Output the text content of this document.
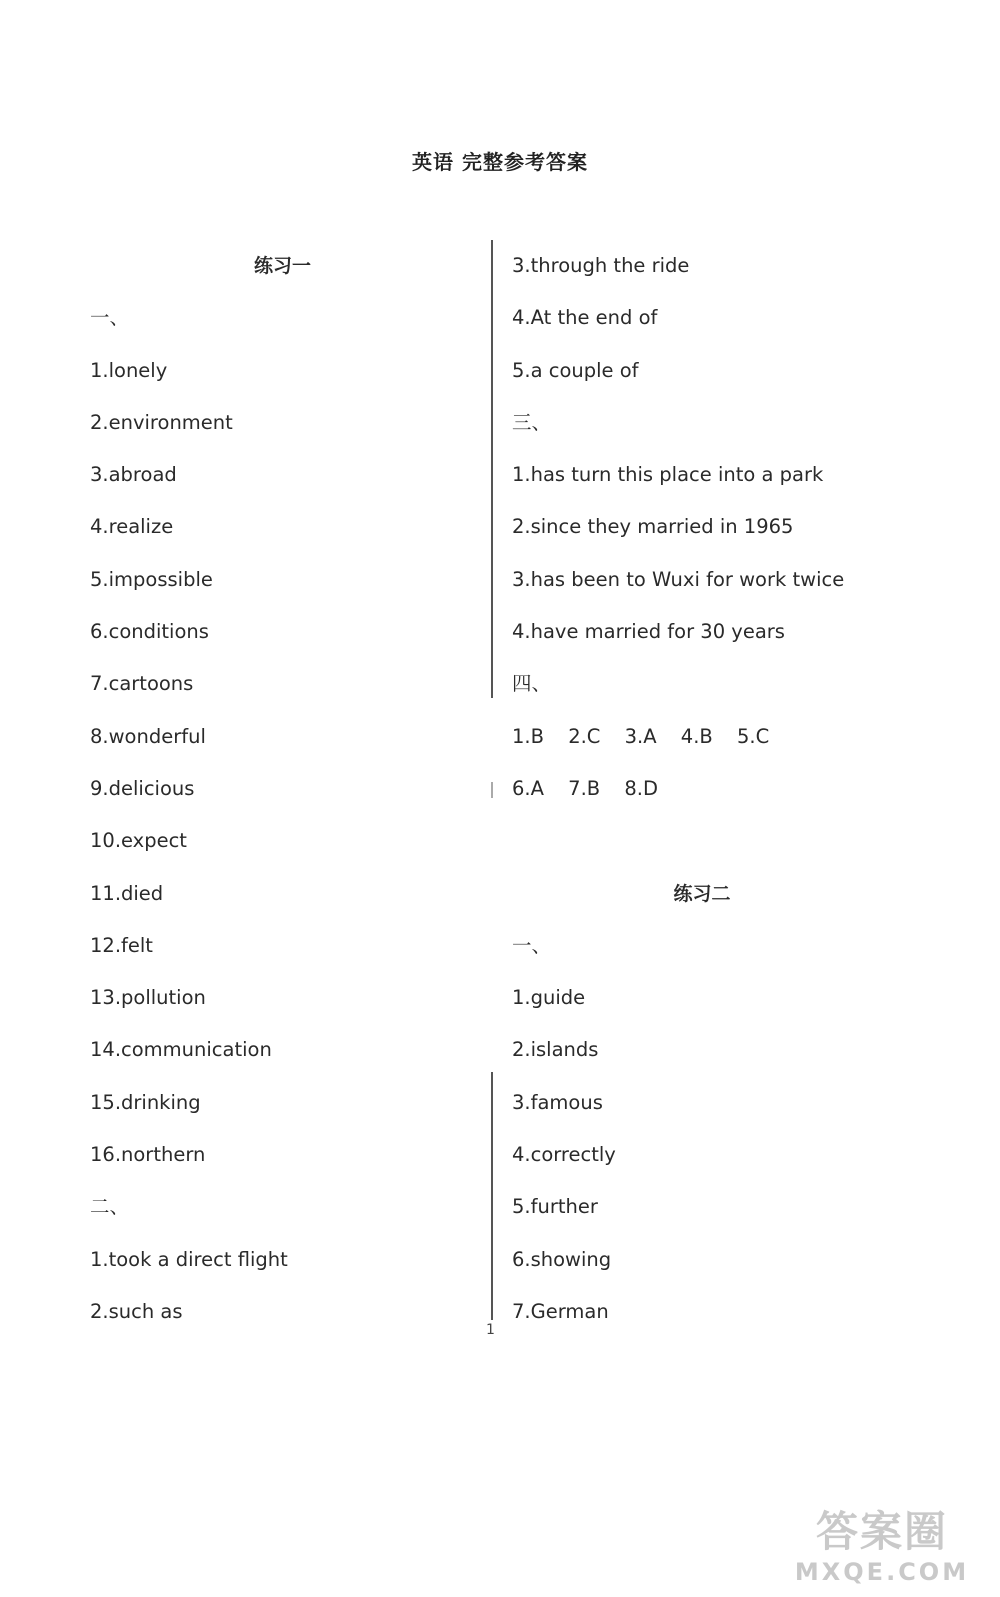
英语 完整参考答案
练习一
一、
1.lonely
2.environment
3.abroad
4.realize
5.impossible
6.conditions
7.cartoons
8.wonderful
9.delicious
10.expect
11.died
12.felt
13.pollution
14.communication
15.drinking
16.northern
二、
1.took a direct flight
2.such as
3.through the ride
4.At the end of
5.a couple of
三、
1.has turn this place into a park
2.since they married in 1965
3.has been to Wuxi for work twice
4.have married for 30 years
四、
1.B 2.C 3.A 4.B 5.C
6.A 7.B 8.D
练习二
一、
1.guide
2.islands
3.famous
4.correctly
5.further
6.showing
7.German
1
答案圈
MXQE.COM
